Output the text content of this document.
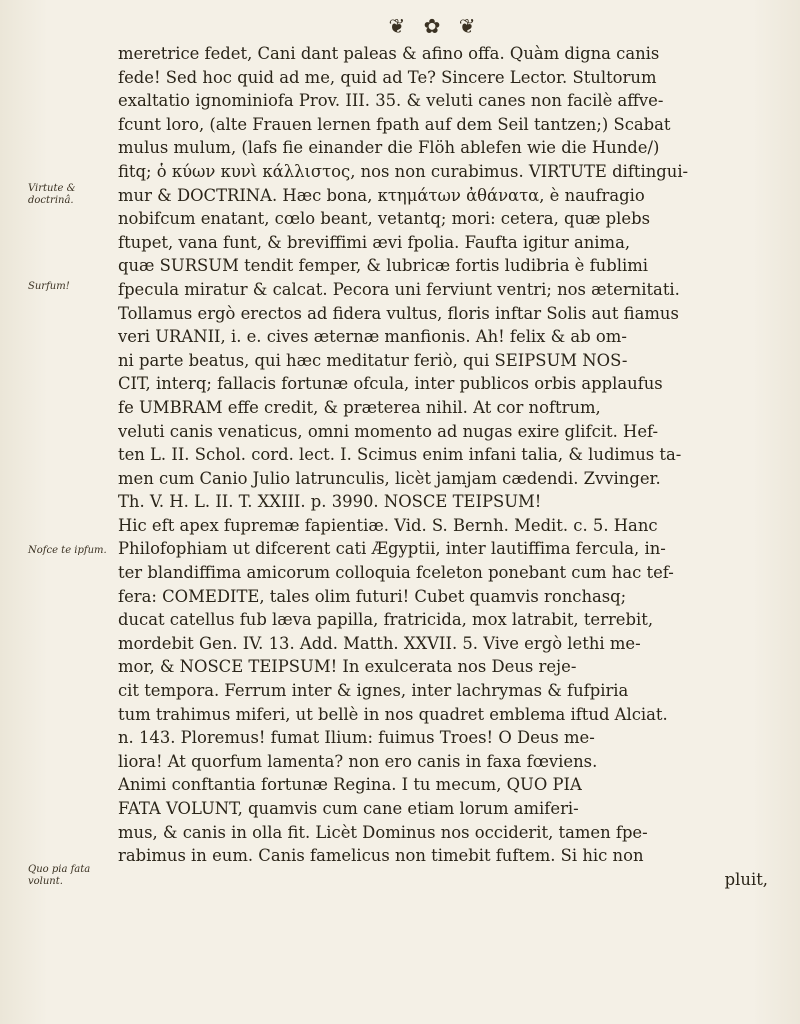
❦ ✿ ❦
Virtute & doctrinâ.
Surfum!
Nofce te ipfum.
Quo pia fata volunt.
meretrice fedet, Cani dant paleas & afino offa. Quàm digna canis
fede! Sed hoc quid ad me, quid ad Te? Sincere Lector. Stultorum
exaltatio ignominiofa Prov. III. 35. & veluti canes non facilè affve-
fcunt loro, (alte Frauen lernen fpath auf dem Seil tantzen;) Scabat
mulus mulum, (lafs fie einander die Flöh ablefen wie die Hunde/)
fitq; ὁ κύων κυνὶ κάλλιστος, nos non curabimus. VIRTUTE diftingui-
mur & DOCTRINA. Hæc bona, κτημάτων ἀθάνατα, è naufragio
nobifcum enatant, cœlo beant, vetantq; mori: cetera, quæ plebs
ftupet, vana funt, & breviffimi ævi fpolia. Faufta igitur anima,
quæ SURSUM tendit femper, & lubricæ fortis ludibria è fublimi
fpecula miratur & calcat. Pecora uni ferviunt ventri; nos æternitati.
Tollamus ergò erectos ad fidera vultus, floris inftar Solis aut fiamus
veri URANII, i. e. cives æternæ manfionis. Ah! felix & ab om-
ni parte beatus, qui hæc meditatur feriò, qui SEIPSUM NOS-
CIT, interq; fallacis fortunæ ofcula, inter publicos orbis applaufus
fe UMBRAM effe credit, & præterea nihil. At cor noftrum,
veluti canis venaticus, omni momento ad nugas exire glifcit. Hef-
ten L. II. Schol. cord. lect. I. Scimus enim infani talia, & ludimus ta-
men cum Canio Julio latrunculis, licèt jamjam cædendi. Zvvinger.
Th. V. H. L. II. T. XXIII. p. 3990. NOSCE TEIPSUM!
Hic eft apex fupremæ fapientiæ. Vid. S. Bernh. Medit. c. 5. Hanc
Philofophiam ut difcerent cati Ægyptii, inter lautiffima fercula, in-
ter blandiffima amicorum colloquia fceleton ponebant cum hac tef-
fera: COMEDITE, tales olim futuri! Cubet quamvis ronchasq;
ducat catellus fub læva papilla, fratricida, mox latrabit, terrebit,
mordebit Gen. IV. 13. Add. Matth. XXVII. 5. Vive ergò lethi me-
mor, & NOSCE TEIPSUM! In exulcerata nos Deus reje-
cit tempora. Ferrum inter & ignes, inter lachrymas & fufpiria
tum trahimus miferi, ut bellè in nos quadret emblema iftud Alciat.
n. 143. Ploremus! fumat Ilium: fuimus Troes! O Deus me-
liora! At quorfum lamenta? non ero canis in faxa fœviens.
Animi conftantia fortunæ Regina. I tu mecum, QUO PIA
FATA VOLUNT, quamvis cum cane etiam lorum amiferi-
mus, & canis in olla fit. Licèt Dominus nos occiderit, tamen fpe-
rabimus in eum. Canis famelicus non timebit fuftem. Si hic non
pluit,
